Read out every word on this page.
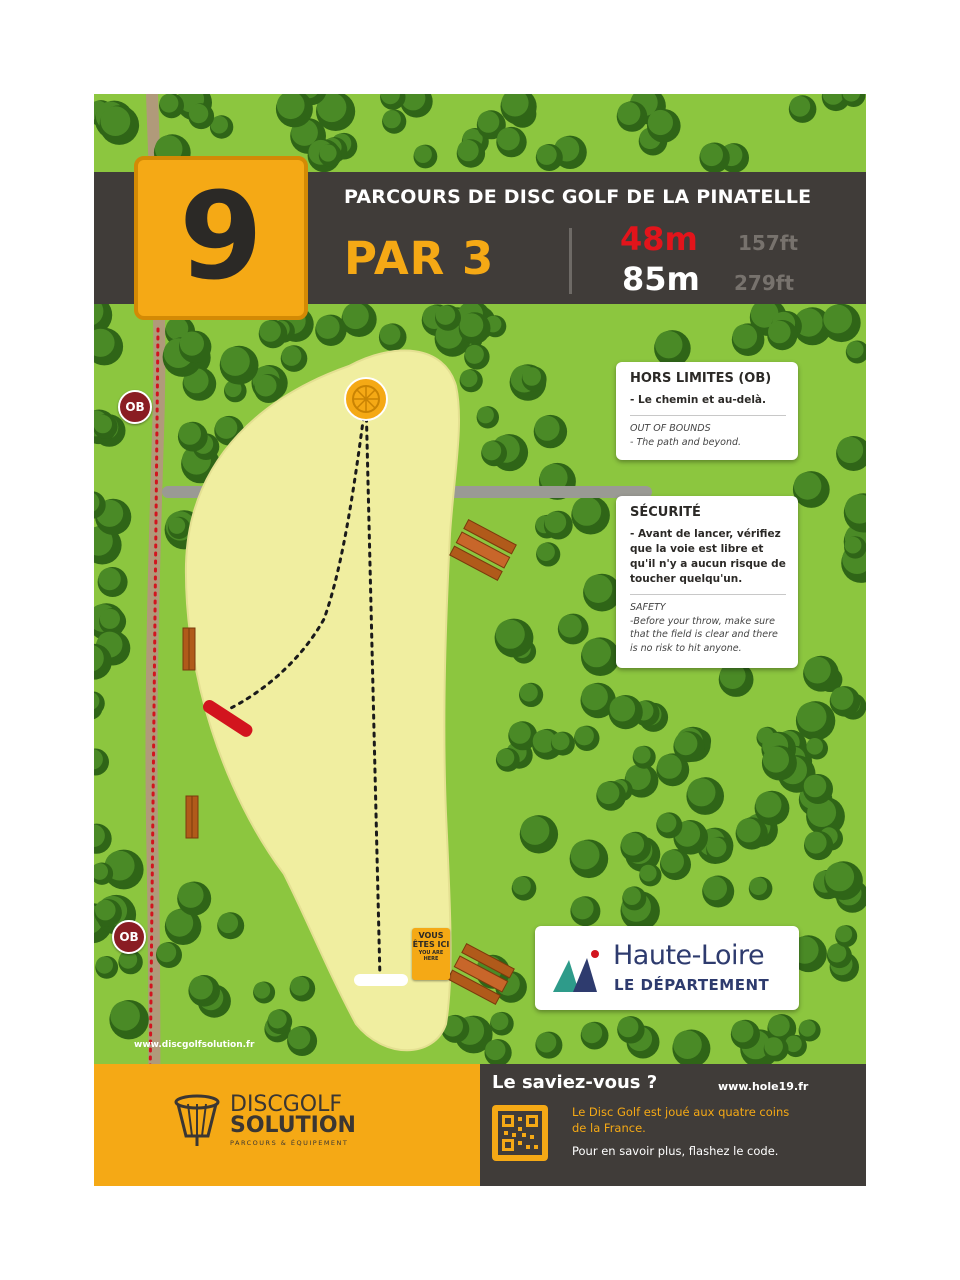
PARCOURS DE DISC GOLF DE LA PINATELLE
PAR 3	48m 157ft
85m 279ft
9
OB
OB
HORS LIMITES (OB)

- Le chemin et au-delà.

OUT OF BOUNDS

- The path and beyond.

SÉCURITÉ

- Avant de lancer, vérifiez que la voie est libre et qu'il n'y a aucun risque de toucher quelqu'un.

SAFETY

-Before your throw, make sure that the field is clear and there is no risk to hit anyone.

Haute-Loire
LE DÉPARTEMENT
VOUS ÊTES ICI
YOU ARE HERE
www.discgolfsolution.fr
DISCGOLF
SOLUTION
PARCOURS & ÉQUIPEMENT
Le saviez-vous ?	www.hole19.fr
Le Disc Golf est joué aux quatre coins de la France.
Pour en savoir plus, flashez le code.
